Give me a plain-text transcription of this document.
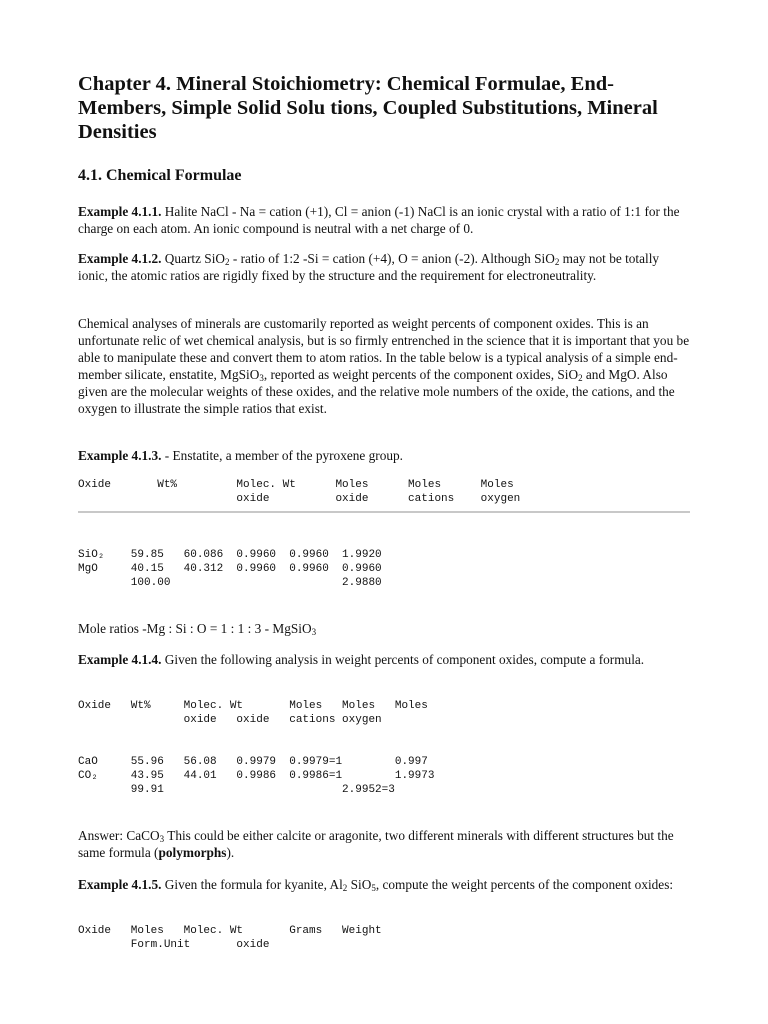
Chapter 4. Mineral Stoichiometry: Chemical Formulae, End-Members, Simple Solid Solu tions, Coupled Substitutions, Mineral Densities
4.1. Chemical Formulae

Example 4.1.1. Halite NaCl - Na = cation (+1), Cl = anion (-1) NaCl is an ionic crystal with a ratio of 1:1 for the charge on each atom. An ionic compound is neutral with a net charge of 0.

Example 4.1.2. Quartz SiO$_2$ - ratio of 1:2 -Si = cation (+4), O = anion (-2). Although SiO$_2$ may not be totally ionic, the atomic ratios are rigidly fixed by the structure and the requirement for electroneutrality.

Chemical analyses of minerals are customarily reported as weight percents of component oxides. This is an unfortunate relic of wet chemical analysis, but is so firmly entrenched in the science that it is important that you be able to manipulate these and convert them to atom ratios. In the table below is a typical analysis of a simple end-member silicate, enstatite, MgSiO$_3$, reported as weight percents of the component oxides, SiO$_2$ and MgO. Also given are the molecular weights of these oxides, and the relative mole numbers of the oxide, the cations, and the oxygen to illustrate the simple ratios that exist.

Example 4.1.3. - Enstatite, a member of the pyroxene group.

Oxide       Wt%         Molec. Wt      Moles      Moles      Moles
oxide          oxide      cations    oxygen
SiO₂    59.85   60.086  0.9960  0.9960  1.9920
MgO     40.15   40.312  0.9960  0.9960  0.9960
100.00                          2.9880

Mole ratios -Mg : Si : O = 1 : 1 : 3 - MgSiO$_3$

Example 4.1.4. Given the following analysis in weight percents of component oxides, compute a formula.

Oxide   Wt%     Molec. Wt       Moles   Moles   Moles
oxide   oxide   cations oxygen
CaO     55.96   56.08   0.9979  0.9979=1        0.997
CO₂     43.95   44.01   0.9986  0.9986=1        1.9973
99.91                           2.9952=3

Answer: CaCO$_3$ This could be either calcite or aragonite, two different minerals with different structures but the same formula (polymorphs).

Example 4.1.5. Given the formula for kyanite, $Al_2$ SiO$_5$, compute the weight percents of the component oxides:

Oxide   Moles   Molec. Wt       Grams   Weight
Form.Unit       oxide
